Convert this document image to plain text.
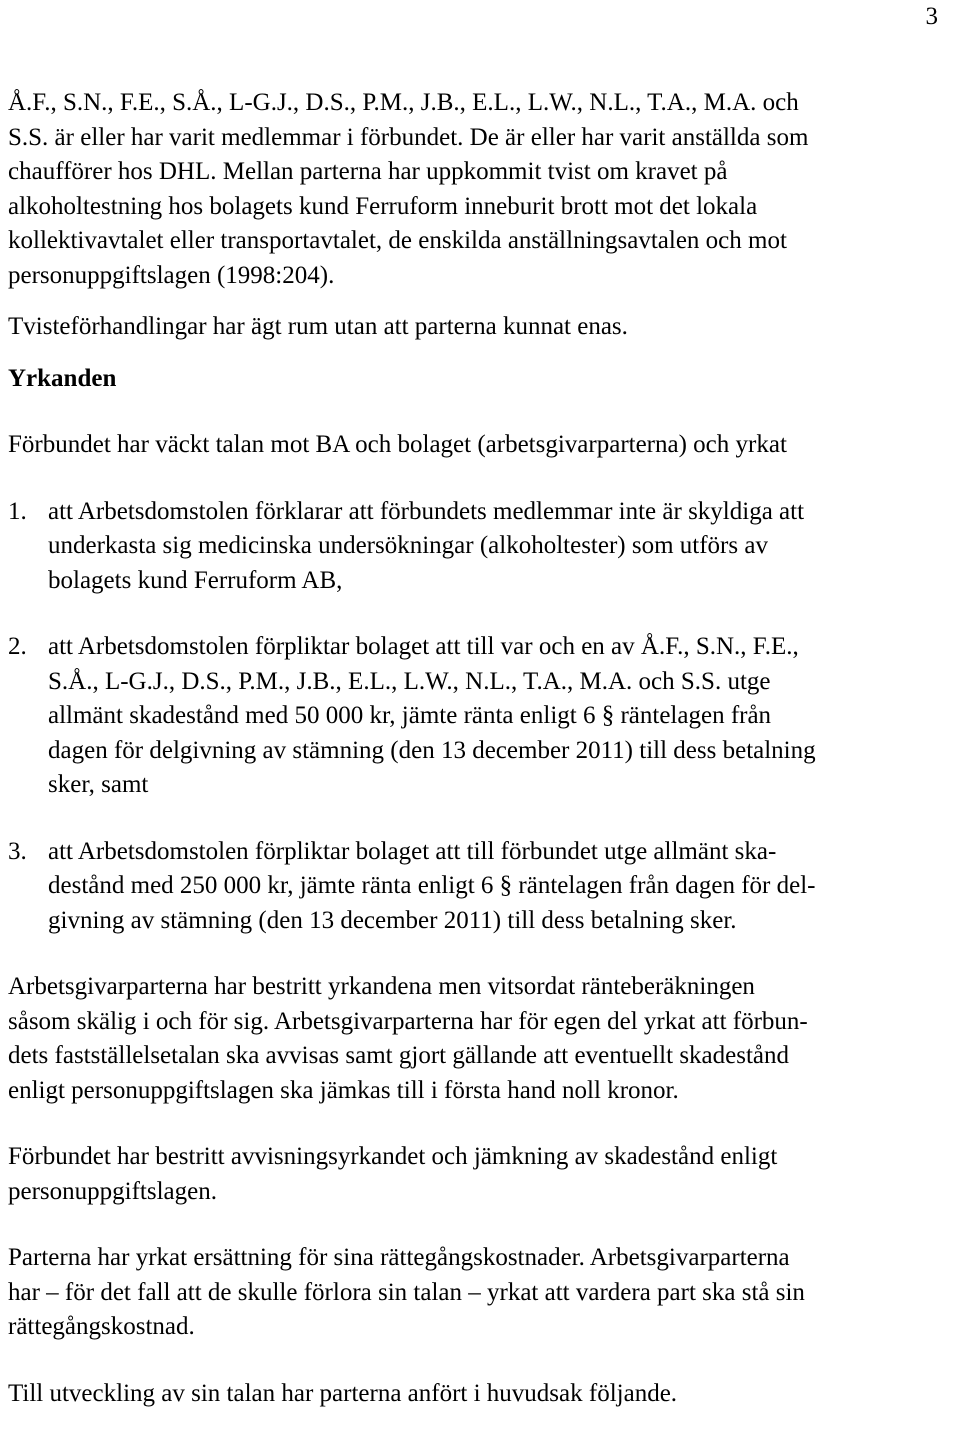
3

Å.F., S.N., F.E., S.Å., L-G.J., D.S., P.M., J.B., E.L., L.W., N.L., T.A., M.A. och
S.S. är eller har varit medlemmar i förbundet. De är eller har varit anställda som
chaufförer hos DHL. Mellan parterna har uppkommit tvist om kravet på
alkoholtestning hos bolagets kund Ferruform inneburit brott mot det lokala
kollektivavtalet eller transportavtalet, de enskilda anställningsavtalen och mot
personuppgiftslagen (1998:204).

Tvisteförhandlingar har ägt rum utan att parterna kunnat enas.

Yrkanden

Förbundet har väckt talan mot BA och bolaget (arbetsgivarparterna) och yrkat

1. att Arbetsdomstolen förklarar att förbundets medlemmar inte är skyldiga att
underkasta sig medicinska undersökningar (alkoholtester) som utförs av
bolagets kund Ferruform AB,
2. att Arbetsdomstolen förpliktar bolaget att till var och en av Å.F., S.N., F.E.,
S.Å., L-G.J., D.S., P.M., J.B., E.L., L.W., N.L., T.A., M.A. och S.S. utge
allmänt skadestånd med 50 000 kr, jämte ränta enligt 6 § räntelagen från
dagen för delgivning av stämning (den 13 december 2011) till dess betalning
sker, samt
3. att Arbetsdomstolen förpliktar bolaget att till förbundet utge allmänt ska-
destånd med 250 000 kr, jämte ränta enligt 6 § räntelagen från dagen för del-
givning av stämning (den 13 december 2011) till dess betalning sker.

Arbetsgivarparterna har bestritt yrkandena men vitsordat ränteberäkningen
såsom skälig i och för sig. Arbetsgivarparterna har för egen del yrkat att förbun-
dets fastställelsetalan ska avvisas samt gjort gällande att eventuellt skadestånd
enligt personuppgiftslagen ska jämkas till i första hand noll kronor.

Förbundet har bestritt avvisningsyrkandet och jämkning av skadestånd enligt
personuppgiftslagen.

Parterna har yrkat ersättning för sina rättegångskostnader. Arbetsgivarparterna
har – för det fall att de skulle förlora sin talan – yrkat att vardera part ska stå sin
rättegångskostnad.

Till utveckling av sin talan har parterna anfört i huvudsak följande.
